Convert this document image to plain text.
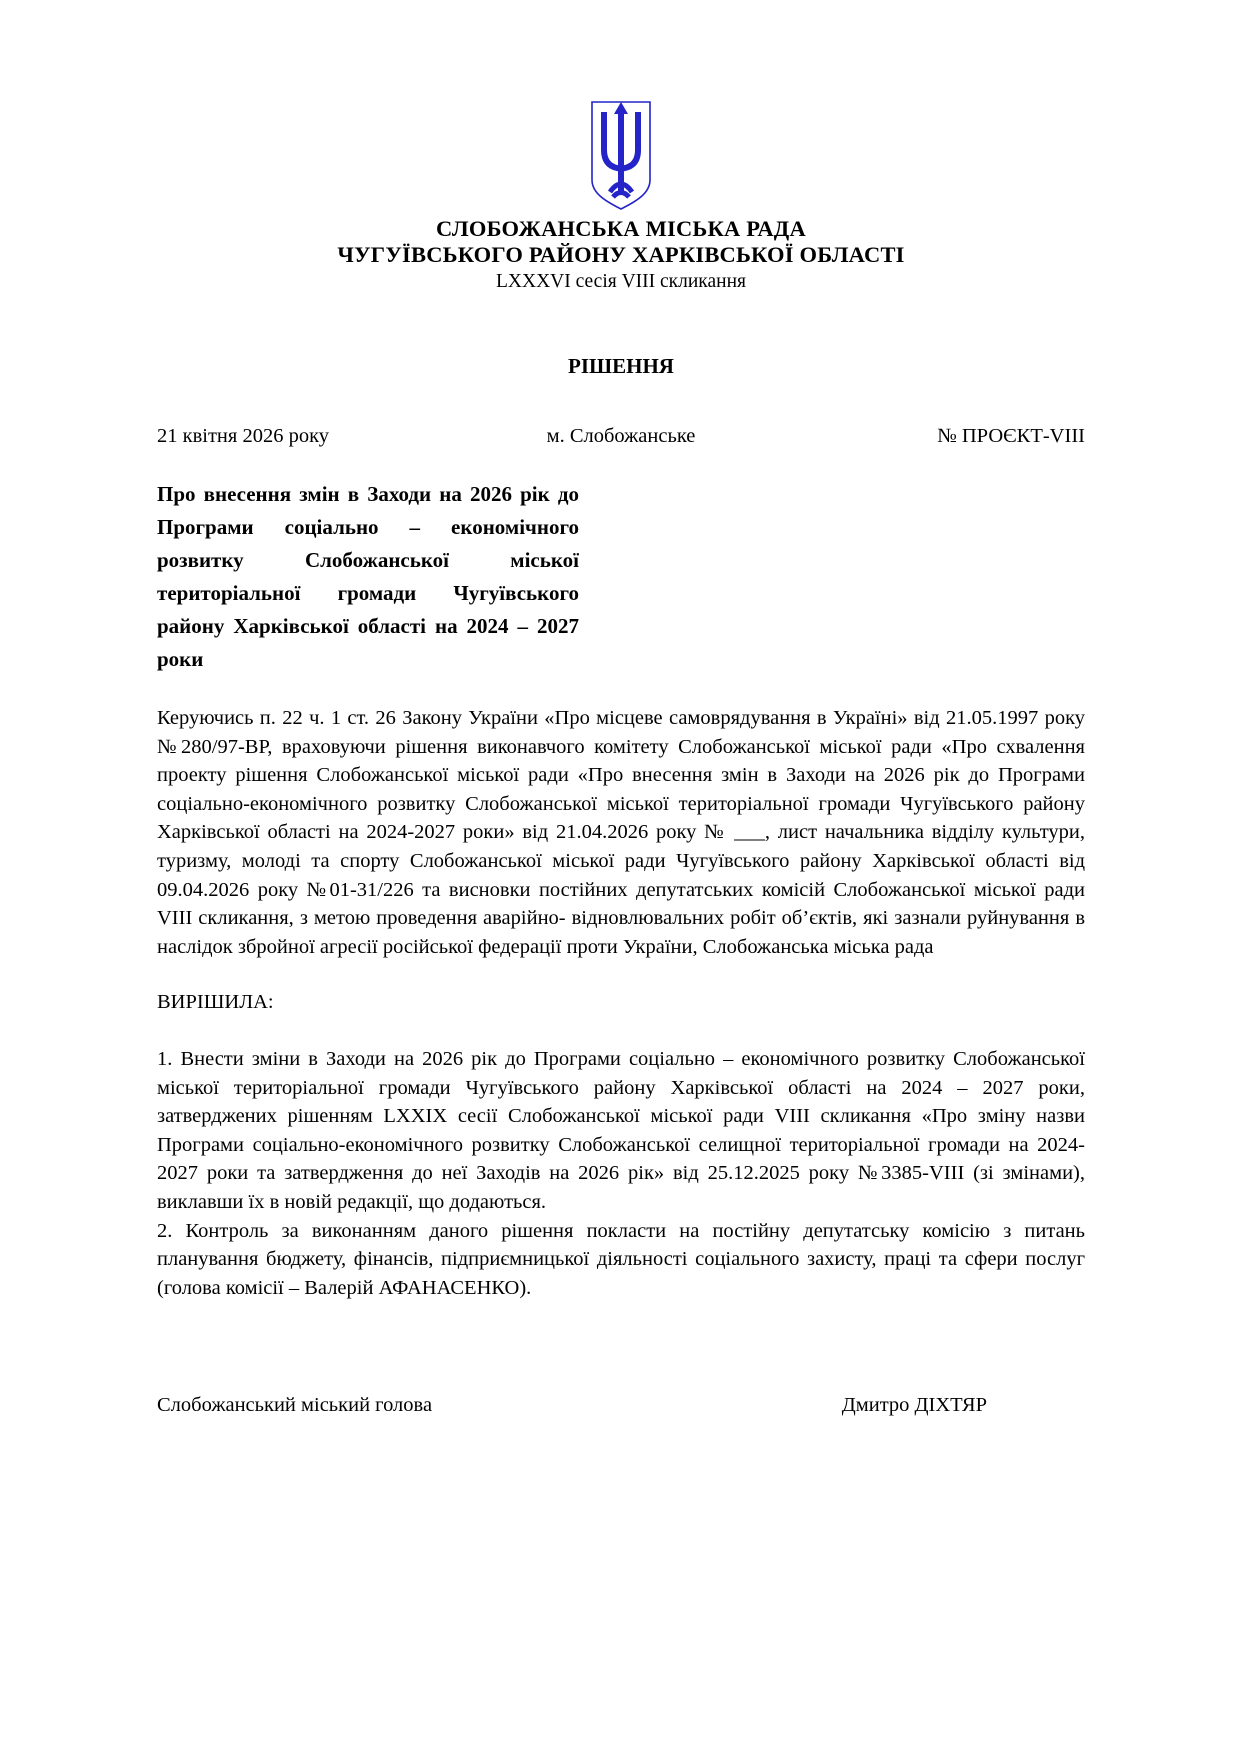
СЛОБОЖАНСЬКА МІСЬКА РАДА
ЧУГУЇВСЬКОГО РАЙОНУ ХАРКІВСЬКОЇ ОБЛАСТІ
LXXXVI сесія VIII скликання
РІШЕННЯ
21 квітня 2026 року	м. Слобожанське	№ ПРОЄКТ-VIII
Про внесення змін в Заходи на 2026 рік до Програми соціально – економічного розвитку Слобожанської міської територіальної громади Чугуївського району Харківської області на 2024 – 2027 роки
Керуючись п. 22 ч. 1 ст. 26 Закону України «Про місцеве самоврядування в Україні» від 21.05.1997 року №280/97-ВР, враховуючи рішення виконавчого комітету Слобожанської міської ради «Про схвалення проекту рішення Слобожанської міської ради «Про внесення змін в Заходи на 2026 рік до Програми соціально-економічного розвитку Слобожанської міської територіальної громади Чугуївського району Харківської області на 2024-2027 роки» від 21.04.2026 року № ___, лист начальника відділу культури, туризму, молоді та спорту Слобожанської міської ради Чугуївського району Харківської області від 09.04.2026 року №01-31/226 та висновки постійних депутатських комісій Слобожанської міської ради VIII скликання, з метою проведення аварійно- відновлювальних робіт об’єктів, які зазнали руйнування в наслідок збройної агресії російської федерації проти України, Слобожанська міська рада
ВИРІШИЛА:
1. Внести зміни в Заходи на 2026 рік до Програми соціально – економічного розвитку Слобожанської міської територіальної громади Чугуївського району Харківської області на 2024 – 2027 роки, затверджених рішенням LXXIX сесії Слобожанської міської ради VIII скликання «Про зміну назви Програми соціально-економічного розвитку Слобожанської селищної територіальної громади на 2024-2027 роки та затвердження до неї Заходів на 2026 рік» від 25.12.2025 року №3385-VIII (зі змінами), виклавши їх в новій редакції, що додаються.
2. Контроль за виконанням даного рішення покласти на постійну депутатську комісію з питань планування бюджету, фінансів, підприємницької діяльності соціального захисту, праці та сфери послуг (голова комісії – Валерій АФАНАСЕНКО).
Слобожанський міський голова	Дмитро ДІХТЯР
